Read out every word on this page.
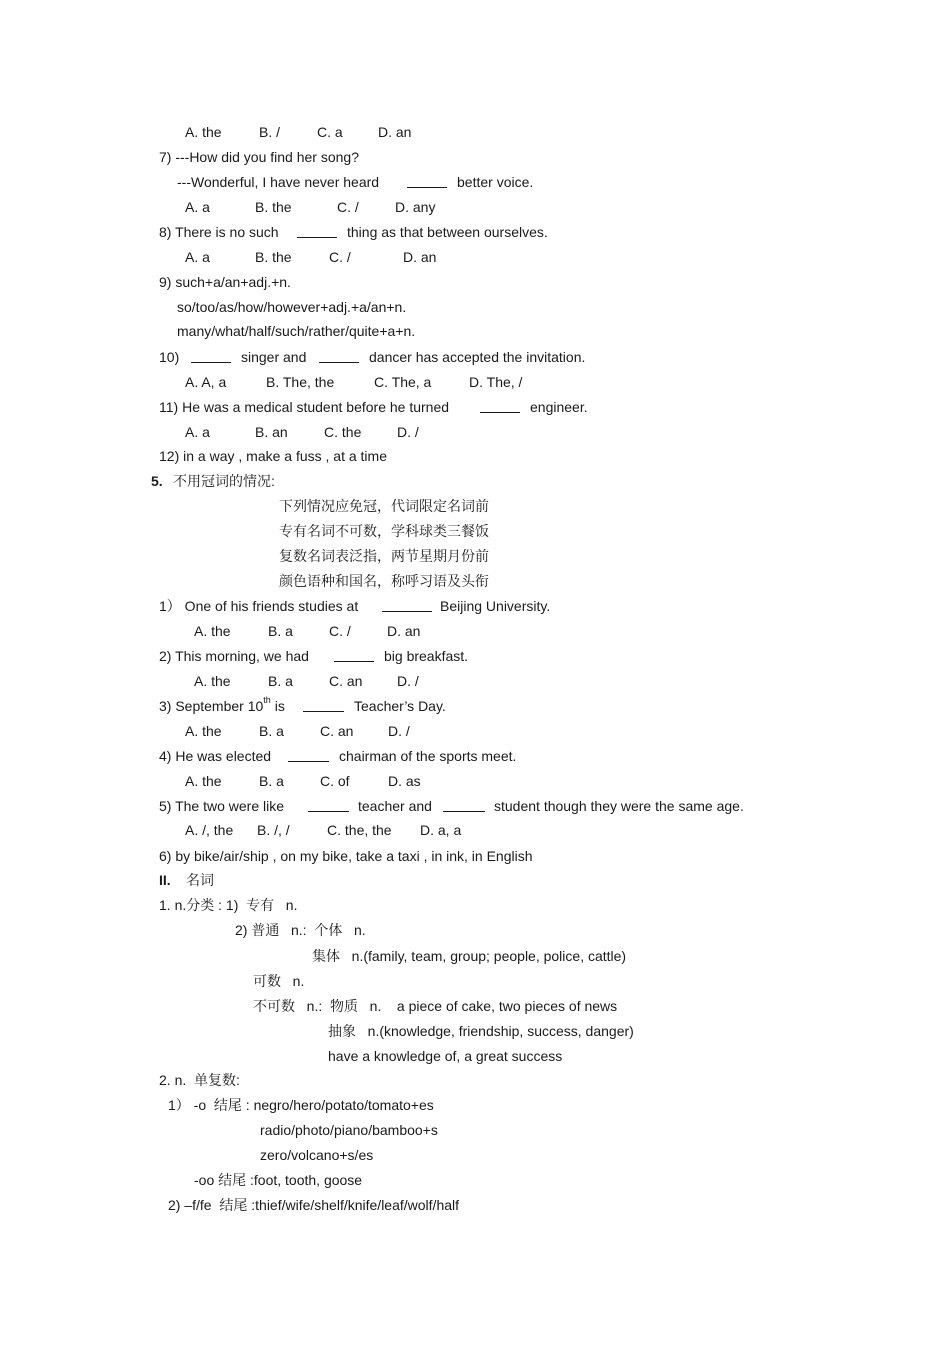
A. the

	B. /

	C. a

	D. an

7) ---How did you find her song?

---Wonderful, I have never heard

	better voice.

A. a

	B. the

	C. /

	D. any

8) There is no such

	thing as that between ourselves.

A. a

	B. the

	C. /

	D. an

9) such+a/an+adj.+n.
so/too/as/how/however+adj.+a/an+n.
many/what/half/such/rather/quite+a+n.

10)

	singer and

	dancer has accepted the invitation.

A. A, a

	B. The, the

	C. The, a

	D. The, /

11) He was a medical student before he turned

	engineer.

A. a

	B. an

	C. the

	D. /

12) in a way , make a fuss , at a time

5.

不用冠词的情况:

下列情况应免冠，代词限定名词前
专有名词不可数，学科球类三餐饭
复数名词表泛指，两节星期月份前
颜色语种和国名，称呼习语及头衔

1） One of his friends studies at

	Beijing University.

A. the

	B. a

	C. /

	D. an

2) This morning, we had

	big breakfast.

A. the

	B. a

	C. an

D. /

3) September 10th is

	Teacher’s Day.

A. the

	B. a

	C. an

D. /

4) He was elected

	chairman of the sports meet.

A. the

	B. a

	C. of

	D. as

5) The two were like

	teacher and

	student though they were the same age.

A. /, the

B. /, /

	C. the, the

D. a, a

6) by bike/air/ship , on my bike, take a taxi , in ink, in English

II.

名词

1. n.分类 : 1)  专有   n.
2) 普通   n.:  个体   n.
集体   n.(family, team, group; people, police, cattle)
可数   n.
不可数   n.:  物质   n.    a piece of cake, two pieces of news
抽象   n.(knowledge, friendship, success, danger)
have a knowledge of, a great success
2. n.  单复数:
1） -o  结尾 : negro/hero/potato/tomato+es
radio/photo/piano/bamboo+s
zero/volcano+s/es
-oo 结尾 :foot, tooth, goose
2) –f/fe  结尾 :thief/wife/shelf/knife/leaf/wolf/half
